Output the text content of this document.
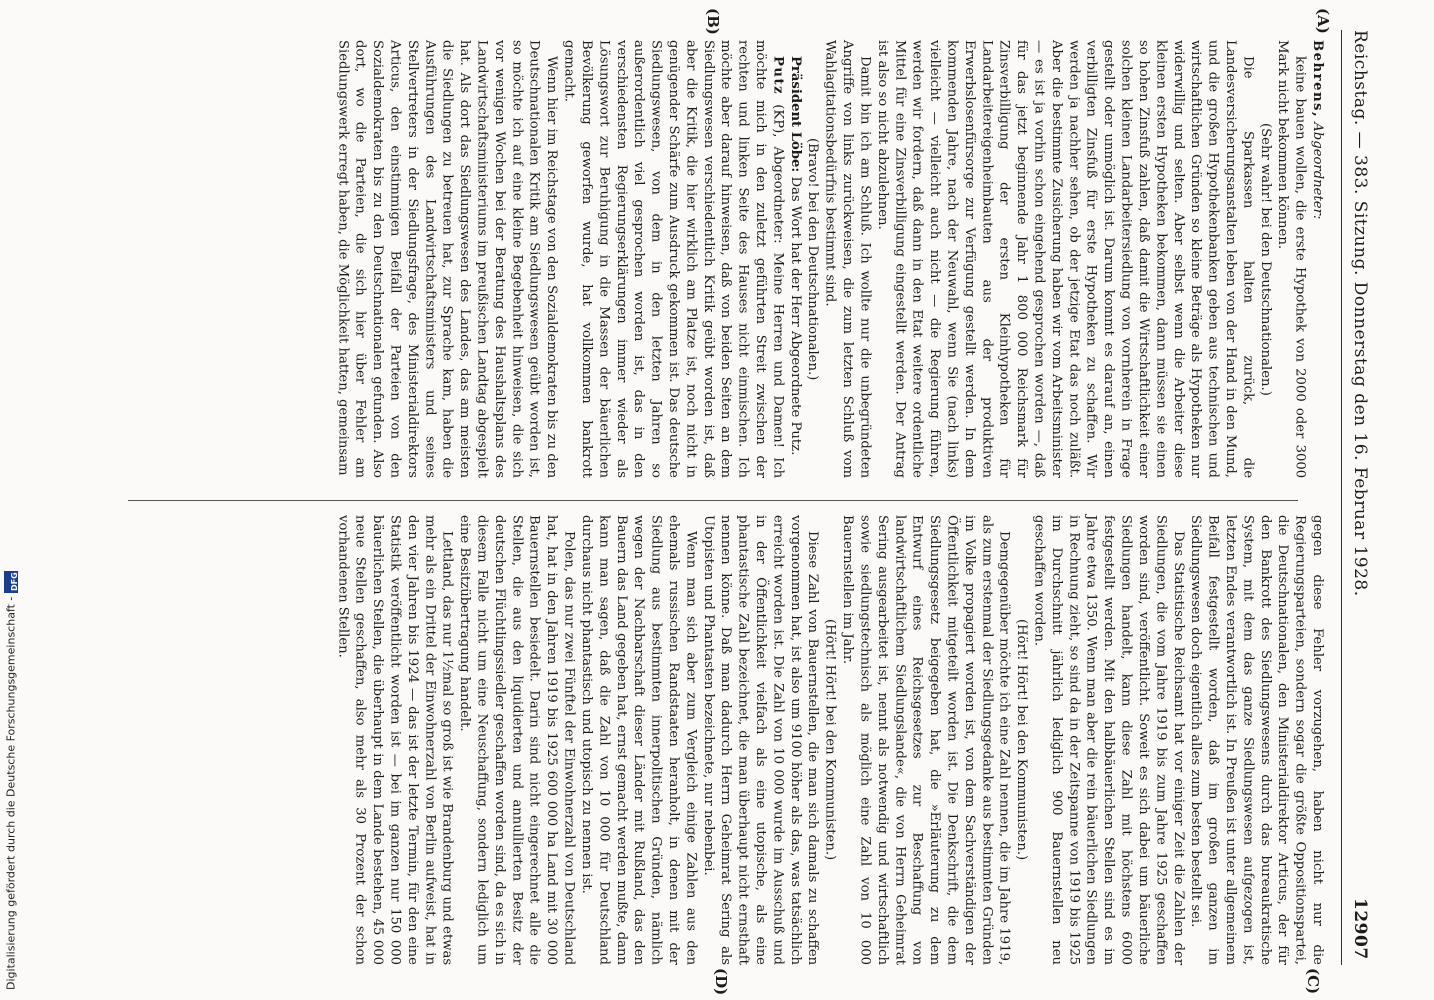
Reichstag. — 383. Sitzung. Donnerstag den 16. Februar 1928.
12907
(A)
(B)
(C)
(D)

Behrens, Abgeordneter:

keine bauen wollen, die erste Hypothek von 2000 oder 3000 Mark nicht bekommen können.

(Sehr wahr! bei den Deutschnationalen.)

Die Sparkassen halten zurück, die Landesversicherungsanstalten leben von der Hand in den Mund, und die großen Hypothekenbanken geben aus technischen und wirtschaftlichen Gründen so kleine Beträge als Hypotheken nur widerwillig und selten. Aber selbst wenn die Arbeiter diese kleinen ersten Hypotheken bekommen, dann müssen sie einen so hohen Zinsfuß zahlen, daß damit die Wirtschaftlichkeit einer solchen kleinen Landarbeitersiedlung von vornherein in Frage gestellt oder unmöglich ist. Darum kommt es darauf an, einen verbilligten Zinsfuß für erste Hypotheken zu schaffen. Wir werden ja nachher sehen, ob der jetzige Etat das noch zuläßt. Aber die bestimmte Zusicherung haben wir vom Arbeitsminister — es ist ja vorhin schon eingehend gesprochen worden —, daß für das jetzt beginnende Jahr 1 800 000 Reichsmark für Zinsverbilligung der ersten Kleinhypotheken für Landarbeitereigenheimbauten aus der produktiven Erwerbslosenfürsorge zur Verfügung gestellt werden. In dem kommenden Jahre, nach der Neuwahl, wenn Sie (nach links) vielleicht — vielleicht auch nicht — die Regierung führen, werden wir fordern, daß dann in den Etat weitere ordentliche Mittel für eine Zinsverbilligung eingestellt werden. Der Antrag ist also so nicht abzulehnen.

Damit bin ich am Schluß. Ich wollte nur die unbegründeten Angriffe von links zurückweisen, die zum letzten Schluß vom Wahlagitationsbedürfnis bestimmt sind.

(Bravo! bei den Deutschnationalen.)

Präsident Löbe: Das Wort hat der Herr Abgeordnete Putz.

Putz (KP), Abgeordneter: Meine Herren und Damen! Ich möchte mich in den zuletzt geführten Streit zwischen der rechten und linken Seite des Hauses nicht einmischen. Ich möchte aber darauf hinweisen, daß von beiden Seiten an dem Siedlungswesen verschiedentlich Kritik geübt worden ist, daß aber die Kritik, die hier wirklich am Platze ist, noch nicht in genügender Schärfe zum Ausdruck gekommen ist. Das deutsche Siedlungswesen, von dem in den letzten Jahren so außerordentlich viel gesprochen worden ist, das in den verschiedensten Regierungserklärungen immer wieder als Lösungswort zur Beruhigung in die Massen der bäuerlichen Bevölkerung geworfen wurde, hat vollkommen bankrott gemacht.

Wenn hier im Reichstage von den Sozialdemokraten bis zu den Deutschnationalen Kritik am Siedlungswesen geübt worden ist, so möchte ich auf eine kleine Begebenheit hinweisen, die sich vor wenigen Wochen bei der Beratung des Haushaltsplans des Landwirtschaftsministeriums im preußischen Landtag abgespielt hat. Als dort das Siedlungswesen des Landes, das am meisten die Siedlungen zu betreuen hat, zur Sprache kam, haben die Ausführungen des Landwirtschaftsministers und seines Stellvertreters in der Siedlungsfrage, des Ministerialdirektors Articus, den einstimmigen Beifall der Parteien von den Sozialdemokraten bis zu den Deutschnationalen gefunden. Also dort, wo die Parteien, die sich hier über Fehler am Siedlungswerk erregt haben, die Möglichkeit hatten, gemeinsam

gegen diese Fehler vorzugehen, haben nicht nur die Regierungsparteien, sondern sogar die größte Oppositionspartei, die Deutschnationalen, den Ministerialdirektor Articus, der für den Bankrott des Siedlungswesens durch das bureaukratische System, mit dem das ganze Siedlungswesen aufgezogen ist, letzten Endes verantwortlich ist. In Preußen ist unter allgemeinem Beifall festgestellt worden, daß im großen ganzen im Siedlungswesen doch eigentlich alles zum besten bestellt sei.

Das Statistische Reichsamt hat vor einiger Zeit die Zahlen der Siedlungen, die vom Jahre 1919 bis zum Jahre 1925 geschaffen worden sind, veröffentlicht. Soweit es sich dabei um bäuerliche Siedlungen handelt, kann diese Zahl mit höchstens 6000 festgestellt werden. Mit den halbbäuerlichen Stellen sind es im Jahre etwa 1350. Wenn man aber die rein bäuerlichen Siedlungen in Rechnung zieht, so sind da in der Zeitspanne von 1919 bis 1925 im Durchschnitt jährlich lediglich 900 Bauernstellen neu geschaffen worden.

(Hört! Hört! bei den Kommunisten.)

Demgegenüber möchte ich eine Zahl nennen, die im Jahre 1919, als zum erstenmal der Siedlungsgedanke aus bestimmten Gründen im Volke propagiert worden ist, von dem Sachverständigen der Öffentlichkeit mitgeteilt worden ist. Die Denkschrift, die dem Siedlungsgesetz beigegeben hat, die »Erläuterung zu dem Entwurf eines Reichsgesetzes zur Beschaffung von landwirtschaftlichem Siedlungslande«, die von Herrn Geheimrat Sering ausgearbeitet ist, nennt als notwendig und wirtschaftlich sowie siedlungstechnisch als möglich eine Zahl von 10 000 Bauernstellen im Jahr.

(Hört! Hört! bei den Kommunisten.)

Diese Zahl von Bauernstellen, die man sich damals zu schaffen vorgenommen hat, ist also um 9100 höher als das, was tatsächlich erreicht worden ist. Die Zahl von 10 000 wurde im Ausschuß und in der Öffentlichkeit vielfach als eine utopische, als eine phantastische Zahl bezeichnet, die man überhaupt nicht ernsthaft nennen könne. Daß man dadurch Herrn Geheimrat Sering als Utopisten und Phantasten bezeichnete, nur nebenbei.

Wenn man sich aber zum Vergleich einige Zahlen aus den ehemals russischen Randstaaten heranholt, in denen mit der Siedlung aus bestimmten innerpolitischen Gründen, nämlich wegen der Nachbarschaft dieser Länder mit Rußland, das den Bauern das Land gegeben hat, ernst gemacht werden mußte, dann kann man sagen, daß die Zahl von 10 000 für Deutschland durchaus nicht phantastisch und utopisch zu nennen ist.

Polen, das nur zwei Fünftel der Einwohnerzahl von Deutschland hat, hat in den Jahren 1919 bis 1925 600 000 ha Land mit 30 000 Bauernstellen besiedelt. Darin sind nicht eingerechnet alle die Stellen, die aus den liquidierten und annullierten Besitz der deutschen Flüchtlingssiedler geschaffen worden sind, da es sich in diesem Falle nicht um eine Neuschaffung, sondern lediglich um eine Besitzübertragung handelt.

Lettland, das nur 1½mal so groß ist wie Brandenburg und etwas mehr als ein Drittel der Einwohnerzahl von Berlin aufweist, hat in den vier Jahren bis 1924 — das ist der letzte Termin, für den eine Statistik veröffentlicht worden ist — bei im ganzen nur 150 000 bäuerlichen Stellen, die überhaupt in dem Lande bestehen, 45 000 neue Stellen geschaffen, also mehr als 30 Prozent der schon vorhandenen Stellen.

Digitalisierung gefördert durch die Deutsche Forschungsgemeinschaft -
DFG
